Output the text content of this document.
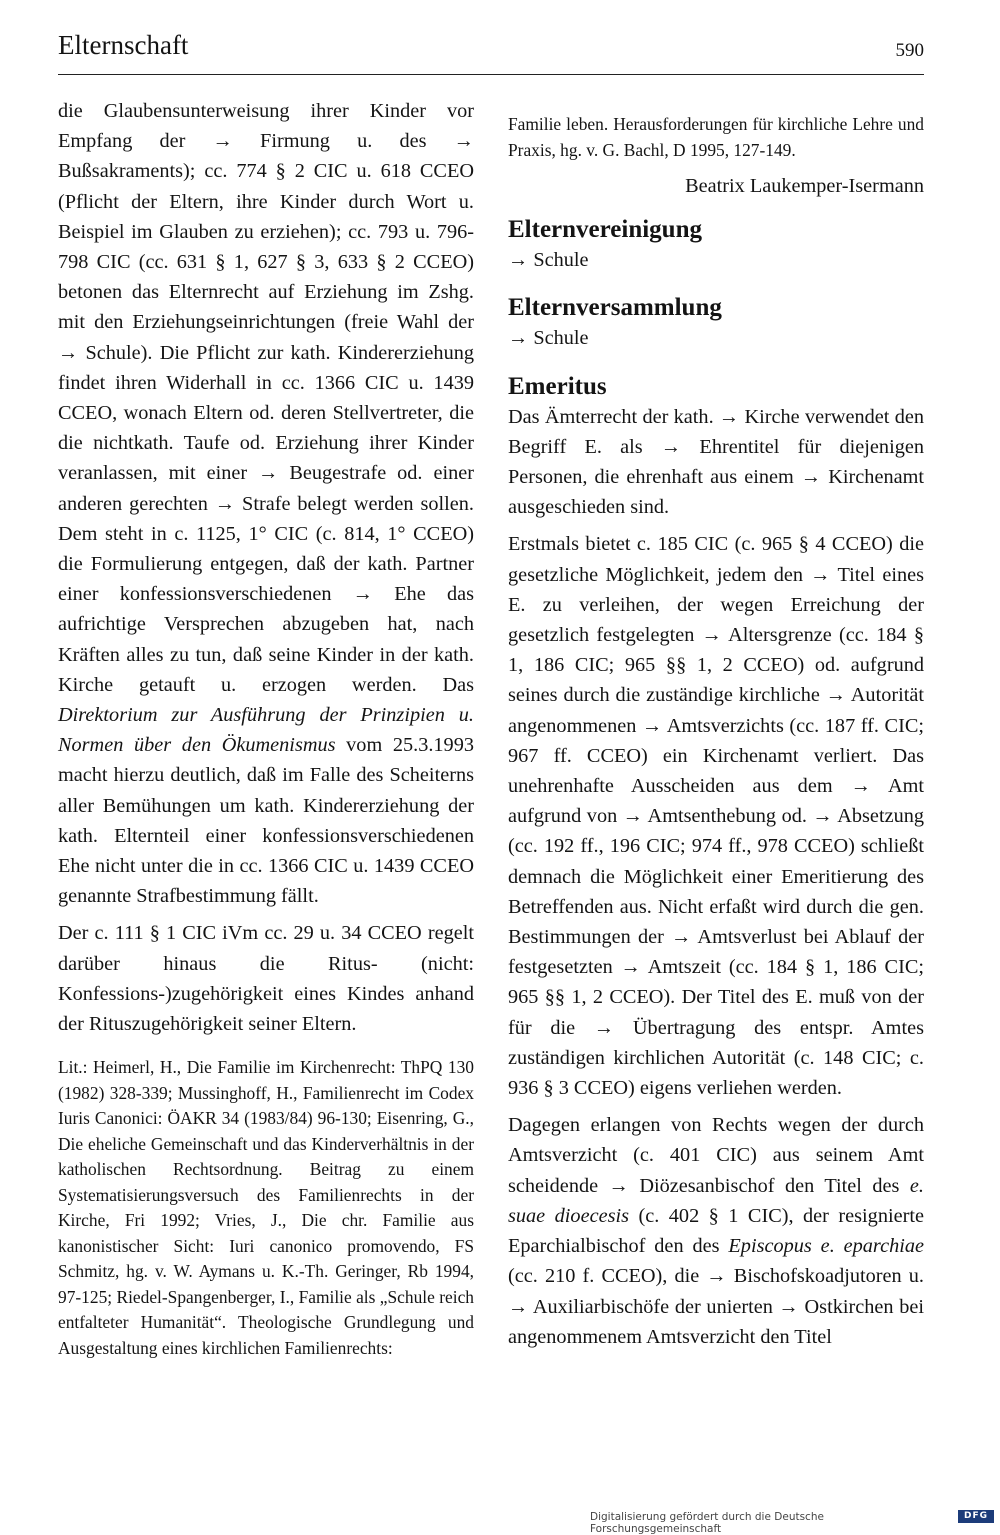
Elternschaft	590

die Glaubensunterweisung ihrer Kinder vor Empfang der → Firmung u. des → Bußsakraments); cc. 774 § 2 CIC u. 618 CCEO (Pflicht der Eltern, ihre Kinder durch Wort u. Beispiel im Glauben zu erziehen); cc. 793 u. 796-798 CIC (cc. 631 § 1, 627 § 3, 633 § 2 CCEO) betonen das Elternrecht auf Erziehung im Zshg. mit den Erziehungseinrichtungen (freie Wahl der → Schule). Die Pflicht zur kath. Kindererziehung findet ihren Widerhall in cc. 1366 CIC u. 1439 CCEO, wonach Eltern od. deren Stellvertreter, die die nichtkath. Taufe od. Erziehung ihrer Kinder veranlassen, mit einer → Beugestrafe od. einer anderen gerechten → Strafe belegt werden sollen. Dem steht in c. 1125, 1° CIC (c. 814, 1° CCEO) die Formulierung entgegen, daß der kath. Partner einer konfessionsverschiedenen → Ehe das aufrichtige Versprechen abzugeben hat, nach Kräften alles zu tun, daß seine Kinder in der kath. Kirche getauft u. erzogen werden. Das Direktorium zur Ausführung der Prinzipien u. Normen über den Ökumenismus vom 25.3.1993 macht hierzu deutlich, daß im Falle des Scheiterns aller Bemühungen um kath. Kindererziehung der kath. Elternteil einer konfessionsverschiedenen Ehe nicht unter die in cc. 1366 CIC u. 1439 CCEO genannte Strafbestimmung fällt.

Der c. 111 § 1 CIC iVm cc. 29 u. 34 CCEO regelt darüber hinaus die Ritus- (nicht: Konfessions-)zugehörigkeit eines Kindes anhand der Rituszugehörigkeit seiner Eltern.

Lit.: Heimerl, H., Die Familie im Kirchenrecht: ThPQ 130 (1982) 328-339; Mussinghoff, H., Familienrecht im Codex Iuris Canonici: ÖAKR 34 (1983/84) 96-130; Eisenring, G., Die eheliche Gemeinschaft und das Kinderverhältnis in der katholischen Rechtsordnung. Beitrag zu einem Systematisierungsversuch des Familienrechts in der Kirche, Fri 1992; Vries, J., Die chr. Familie aus kanonistischer Sicht: Iuri canonico promovendo, FS Schmitz, hg. v. W. Aymans u. K.-Th. Geringer, Rb 1994, 97-125; Riedel-Spangenberger, I., Familie als „Schule reich entfalteter Humanität“. Theologische Grundlegung und Ausgestaltung eines kirchlichen Familienrechts:

Familie leben. Herausforderungen für kirchliche Lehre und Praxis, hg. v. G. Bachl, D 1995, 127-149.

Beatrix Laukemper-Isermann

Elternvereinigung

→ Schule

Elternversammlung

→ Schule

Emeritus

Das Ämterrecht der kath. → Kirche verwendet den Begriff E. als → Ehrentitel für diejenigen Personen, die ehrenhaft aus einem → Kirchenamt ausgeschieden sind.

Erstmals bietet c. 185 CIC (c. 965 § 4 CCEO) die gesetzliche Möglichkeit, jedem den → Titel eines E. zu verleihen, der wegen Erreichung der gesetzlich festgelegten → Altersgrenze (cc. 184 § 1, 186 CIC; 965 §§ 1, 2 CCEO) od. aufgrund seines durch die zuständige kirchliche → Autorität angenommenen → Amtsverzichts (cc. 187 ff. CIC; 967 ff. CCEO) ein Kirchenamt verliert. Das unehrenhafte Ausscheiden aus dem → Amt aufgrund von → Amtsenthebung od. → Absetzung (cc. 192 ff., 196 CIC; 974 ff., 978 CCEO) schließt demnach die Möglichkeit einer Emeritierung des Betreffenden aus. Nicht erfaßt wird durch die gen. Bestimmungen der → Amtsverlust bei Ablauf der festgesetzten → Amtszeit (cc. 184 § 1, 186 CIC; 965 §§ 1, 2 CCEO). Der Titel des E. muß von der für die → Übertragung des entspr. Amtes zuständigen kirchlichen Autorität (c. 148 CIC; c. 936 § 3 CCEO) eigens verliehen werden.

Dagegen erlangen von Rechts wegen der durch Amtsverzicht (c. 401 CIC) aus seinem Amt scheidende → Diözesanbischof den Titel des e. suae dioecesis (c. 402 § 1 CIC), der resignierte Eparchialbischof den des Episcopus e. eparchiae (cc. 210 f. CCEO), die → Bischofskoadjutoren u. → Auxiliarbischöfe der unierten → Ostkirchen bei angenommenem Amtsverzicht den Titel

Digitalisierung gefördert durch die Deutsche Forschungsgemeinschaft
DFG
